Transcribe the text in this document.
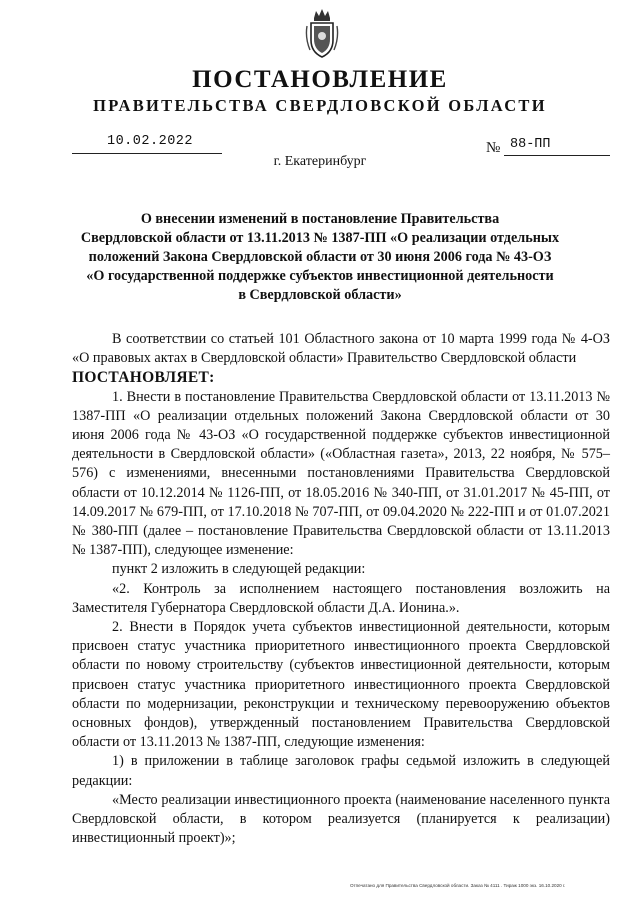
ПОСТАНОВЛЕНИЕ
ПРАВИТЕЛЬСТВА СВЕРДЛОВСКОЙ ОБЛАСТИ
10.02.2022	№ 88-ПП
г. Екатеринбург
О внесении изменений в постановление Правительства
Свердловской области от 13.11.2013 № 1387-ПП «О реализации отдельных
положений Закона Свердловской области от 30 июня 2006 года № 43-ОЗ
«О государственной поддержке субъектов инвестиционной деятельности
в Свердловской области»

В соответствии со статьей 101 Областного закона от 10 марта 1999 года № 4-ОЗ «О правовых актах в Свердловской области» Правительство Свердловской области

ПОСТАНОВЛЯЕТ:

1. Внести в постановление Правительства Свердловской области от 13.11.2013 № 1387-ПП «О реализации отдельных положений Закона Свердловской области от 30 июня 2006 года № 43-ОЗ «О государственной поддержке субъектов инвестиционной деятельности в Свердловской области» («Областная газета», 2013, 22 ноября, № 575–576) с изменениями, внесенными постановлениями Правительства Свердловской области от 10.12.2014 № 1126-ПП, от 18.05.2016 № 340-ПП, от 31.01.2017 № 45-ПП, от 14.09.2017 № 679-ПП, от 17.10.2018 № 707-ПП, от 09.04.2020 № 222-ПП и от 01.07.2021 № 380-ПП (далее – постановление Правительства Свердловской области от 13.11.2013 № 1387-ПП), следующее изменение:

пункт 2 изложить в следующей редакции:

«2. Контроль за исполнением настоящего постановления возложить на Заместителя Губернатора Свердловской области Д.А. Ионина.».

2. Внести в Порядок учета субъектов инвестиционной деятельности, которым присвоен статус участника приоритетного инвестиционного проекта Свердловской области по новому строительству (субъектов инвестиционной деятельности, которым присвоен статус участника приоритетного инвестиционного проекта Свердловской области по модернизации, реконструкции и техническому перевооружению объектов основных фондов), утвержденный постановлением Правительства Свердловской области от 13.11.2013 № 1387-ПП, следующие изменения:

1) в приложении в таблице заголовок графы седьмой изложить в следующей редакции:

«Место реализации инвестиционного проекта (наименование населенного пункта Свердловской области, в котором реализуется (планируется к реализации) инвестиционный проект)»;

Отпечатано для Правительства Свердловской области. Заказ № 4111 . Тираж 1000 экз. 16.10.2020 г.
